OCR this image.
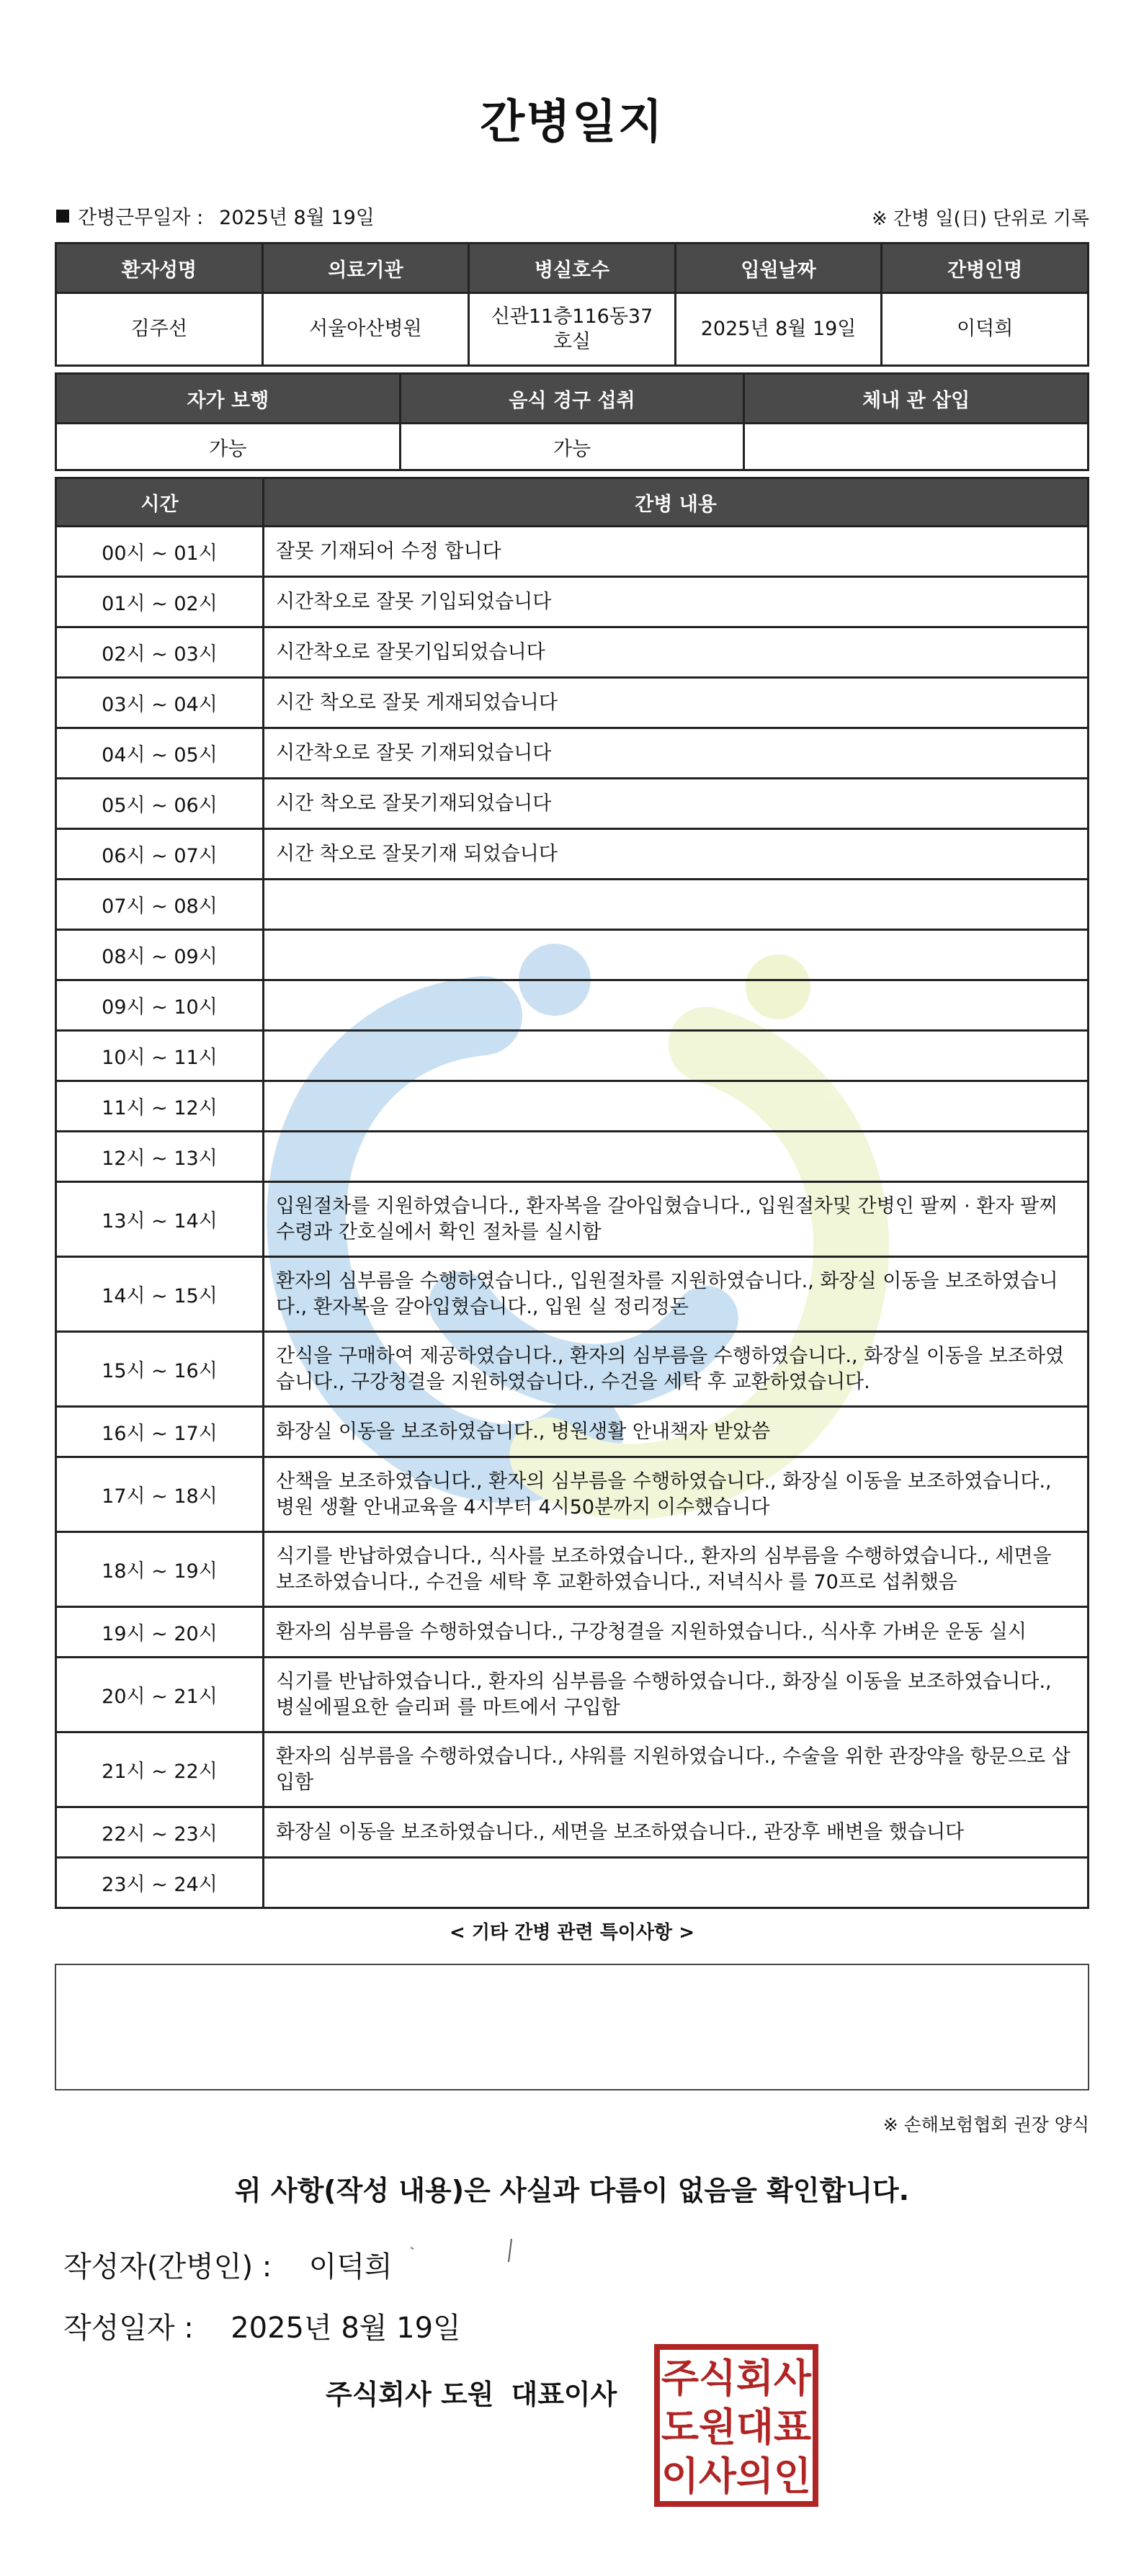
간병일지
간병근무일자 : 2025년 8월 19일	※ 간병 일(日) 단위로 기록
환자성명	의료기관	병실호수	입원날짜	간병인명
김주선	서울아산병원	신관11층116동37호실	2025년 8월 19일	이덕희
자가 보행	음식 경구 섭취	체내 관 삽입
가능	가능	
시간	간병 내용
00시 ~ 01시	잘못 기재되어 수정 합니다
01시 ~ 02시	시간착오로 잘못 기입되었습니다
02시 ~ 03시	시간착오로 잘못기입되었습니다
03시 ~ 04시	시간 착오로 잘못 게재되었습니다
04시 ~ 05시	시간착오로 잘못 기재되었습니다
05시 ~ 06시	시간 착오로 잘못기재되었습니다
06시 ~ 07시	시간 착오로 잘못기재 되었습니다
07시 ~ 08시	
08시 ~ 09시	
09시 ~ 10시	
10시 ~ 11시	
11시 ~ 12시	
12시 ~ 13시	
13시 ~ 14시	입원절차를 지원하였습니다., 환자복을 갈아입혔습니다., 입원절차및 간병인 팔찌 · 환자 팔찌 수령과 간호실에서 확인 절차를 실시함
14시 ~ 15시	환자의 심부름을 수행하였습니다., 입원절차를 지원하였습니다., 화장실 이동을 보조하였습니다., 환자복을 갈아입혔습니다., 입원 실 정리정돈
15시 ~ 16시	간식을 구매하여 제공하였습니다., 환자의 심부름을 수행하였습니다., 화장실 이동을 보조하였습니다., 구강청결을 지원하였습니다., 수건을 세탁 후 교환하였습니다.
16시 ~ 17시	화장실 이동을 보조하였습니다., 병원생활 안내책자 받았씀
17시 ~ 18시	산책을 보조하였습니다., 환자의 심부름을 수행하였습니다., 화장실 이동을 보조하였습니다., 병원 생활 안내교육을 4시부터 4시50분까지 이수했습니다
18시 ~ 19시	식기를 반납하였습니다., 식사를 보조하였습니다., 환자의 심부름을 수행하였습니다., 세면을 보조하였습니다., 수건을 세탁 후 교환하였습니다., 저녁식사 를 70프로 섭취했음
19시 ~ 20시	환자의 심부름을 수행하였습니다., 구강청결을 지원하였습니다., 식사후 가벼운 운동 실시
20시 ~ 21시	식기를 반납하였습니다., 환자의 심부름을 수행하였습니다., 화장실 이동을 보조하였습니다., 병실에필요한 슬리퍼 를 마트에서 구입함
21시 ~ 22시	환자의 심부름을 수행하였습니다., 샤워를 지원하였습니다., 수술을 위한 관장약을 항문으로 삽입함
22시 ~ 23시	화장실 이동을 보조하였습니다., 세면을 보조하였습니다., 관장후 배변을 했습니다
23시 ~ 24시	
< 기타 간병 관련 특이사항 >
※ 손해보험협회 권장 양식
위 사항(작성 내용)은 사실과 다름이 없음을 확인합니다.
작성자(간병인) : 이덕희
작성일자 : 2025년 8월 19일
주식회사 도원 대표이사	주 식 회 사
도 원 대 표
이 사 의 인
